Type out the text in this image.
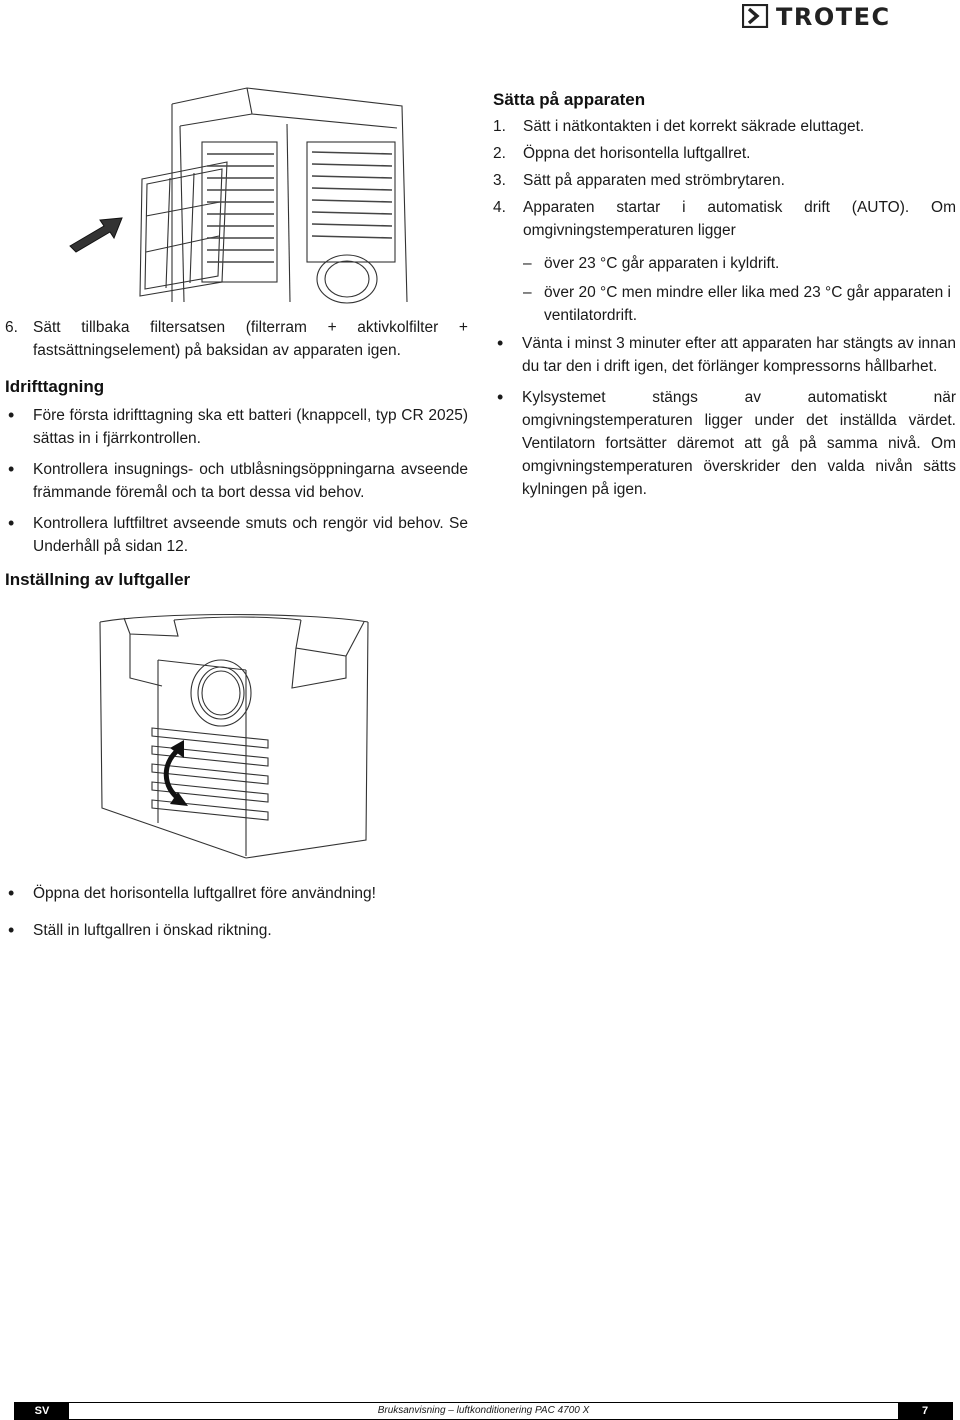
TROTEC
6. Sätt tillbaka filtersatsen (filterram + aktivkolfilter + fastsättningselement) på baksidan av apparaten igen.
Idrifttagning
• Före första idrifttagning ska ett batteri (knappcell, typ CR 2025) sättas in i fjärrkontrollen.
• Kontrollera insugnings- och utblåsningsöppningarna avseende främmande föremål och ta bort dessa vid behov.
• Kontrollera luftfiltret avseende smuts och rengör vid behov. Se Underhåll på sidan 12.
Inställning av luftgaller
• Öppna det horisontella luftgallret före användning!
• Ställ in luftgallren i önskad riktning.
Sätta på apparaten
1. Sätt i nätkontakten i det korrekt säkrade eluttaget.
2. Öppna det horisontella luftgallret.
3. Sätt på apparaten med strömbrytaren.
4. Apparaten startar i automatisk drift (AUTO). Om omgivningstemperaturen ligger
– över 23 °C går apparaten i kyldrift.
– över 20 °C men mindre eller lika med 23 °C går apparaten i ventilatordrift.
• Vänta i minst 3 minuter efter att apparaten har stängts av innan du tar den i drift igen, det förlänger kompressorns hållbarhet.
• Kylsystemet stängs av automatiskt när omgivningstemperaturen ligger under det inställda värdet. Ventilatorn fortsätter däremot att gå på samma nivå. Om omgivningstemperaturen överskrider den valda nivån sätts kylningen på igen.
Bruksanvisning – luftkonditionering PAC 4700 X
SV	7
